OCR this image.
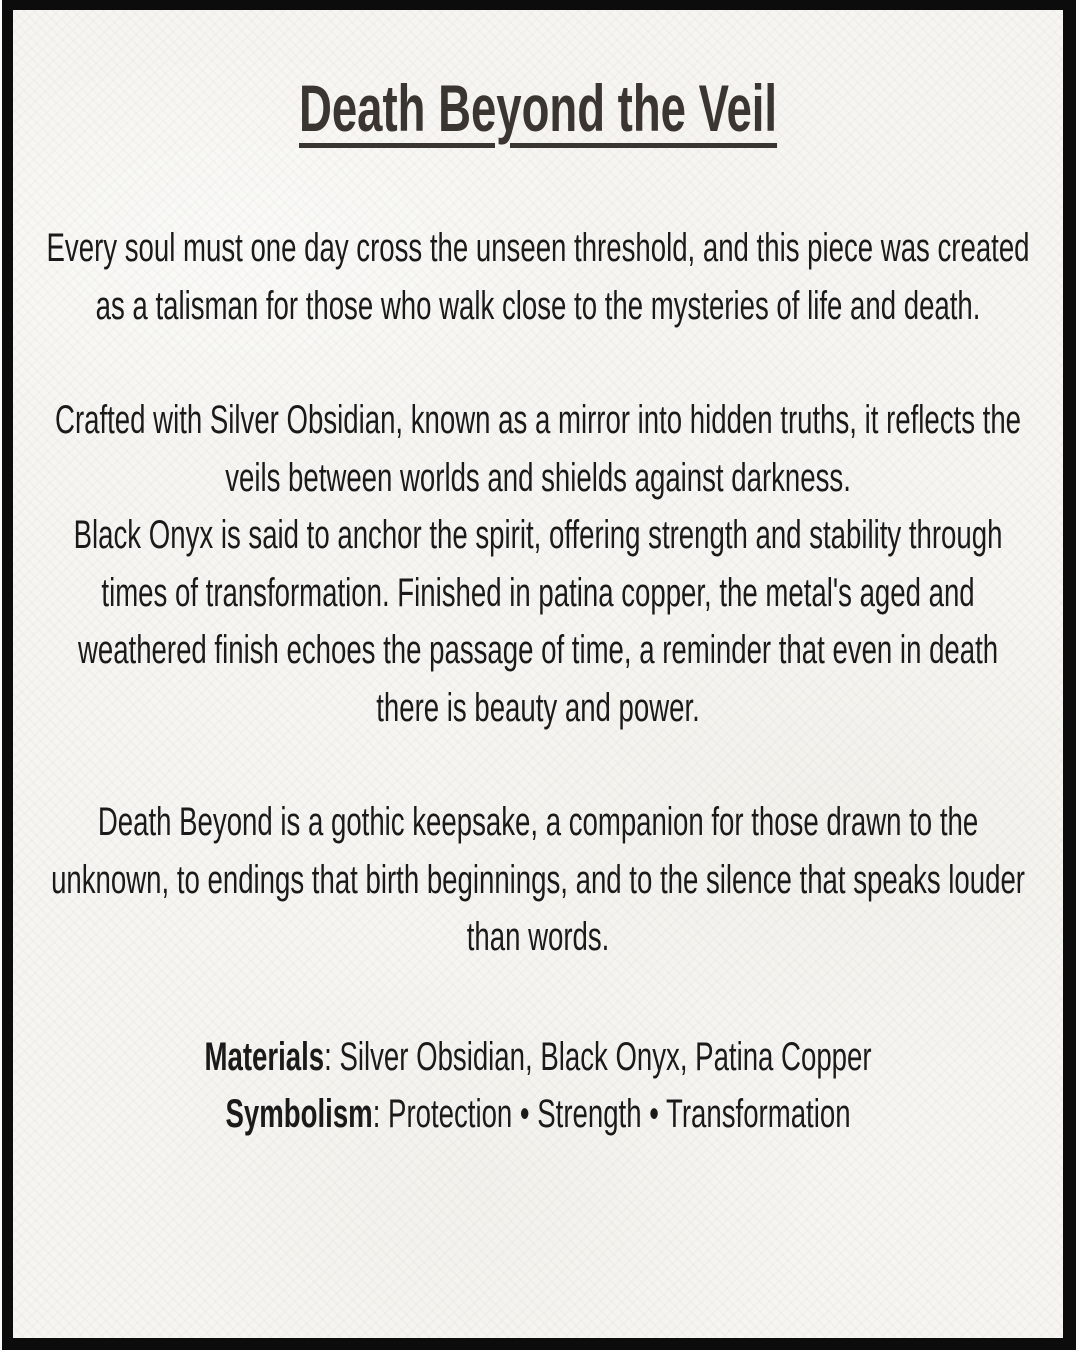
Death Beyond the Veil

Every soul must one day cross the unseen threshold, and this piece was created as a talisman for those who walk close to the mysteries of life and death.

Crafted with Silver Obsidian, known as a mirror into hidden truths, it reflects the veils between worlds and shields against darkness.
Black Onyx is said to anchor the spirit, offering strength and stability through times of transformation. Finished in patina copper, the metal's aged and weathered finish echoes the passage of time, a reminder that even in death there is beauty and power.

Death Beyond is a gothic keepsake, a companion for those drawn to the unknown, to endings that birth beginnings, and to the silence that speaks louder than words.

Materials: Silver Obsidian, Black Onyx, Patina Copper
Symbolism: Protection • Strength • Transformation
